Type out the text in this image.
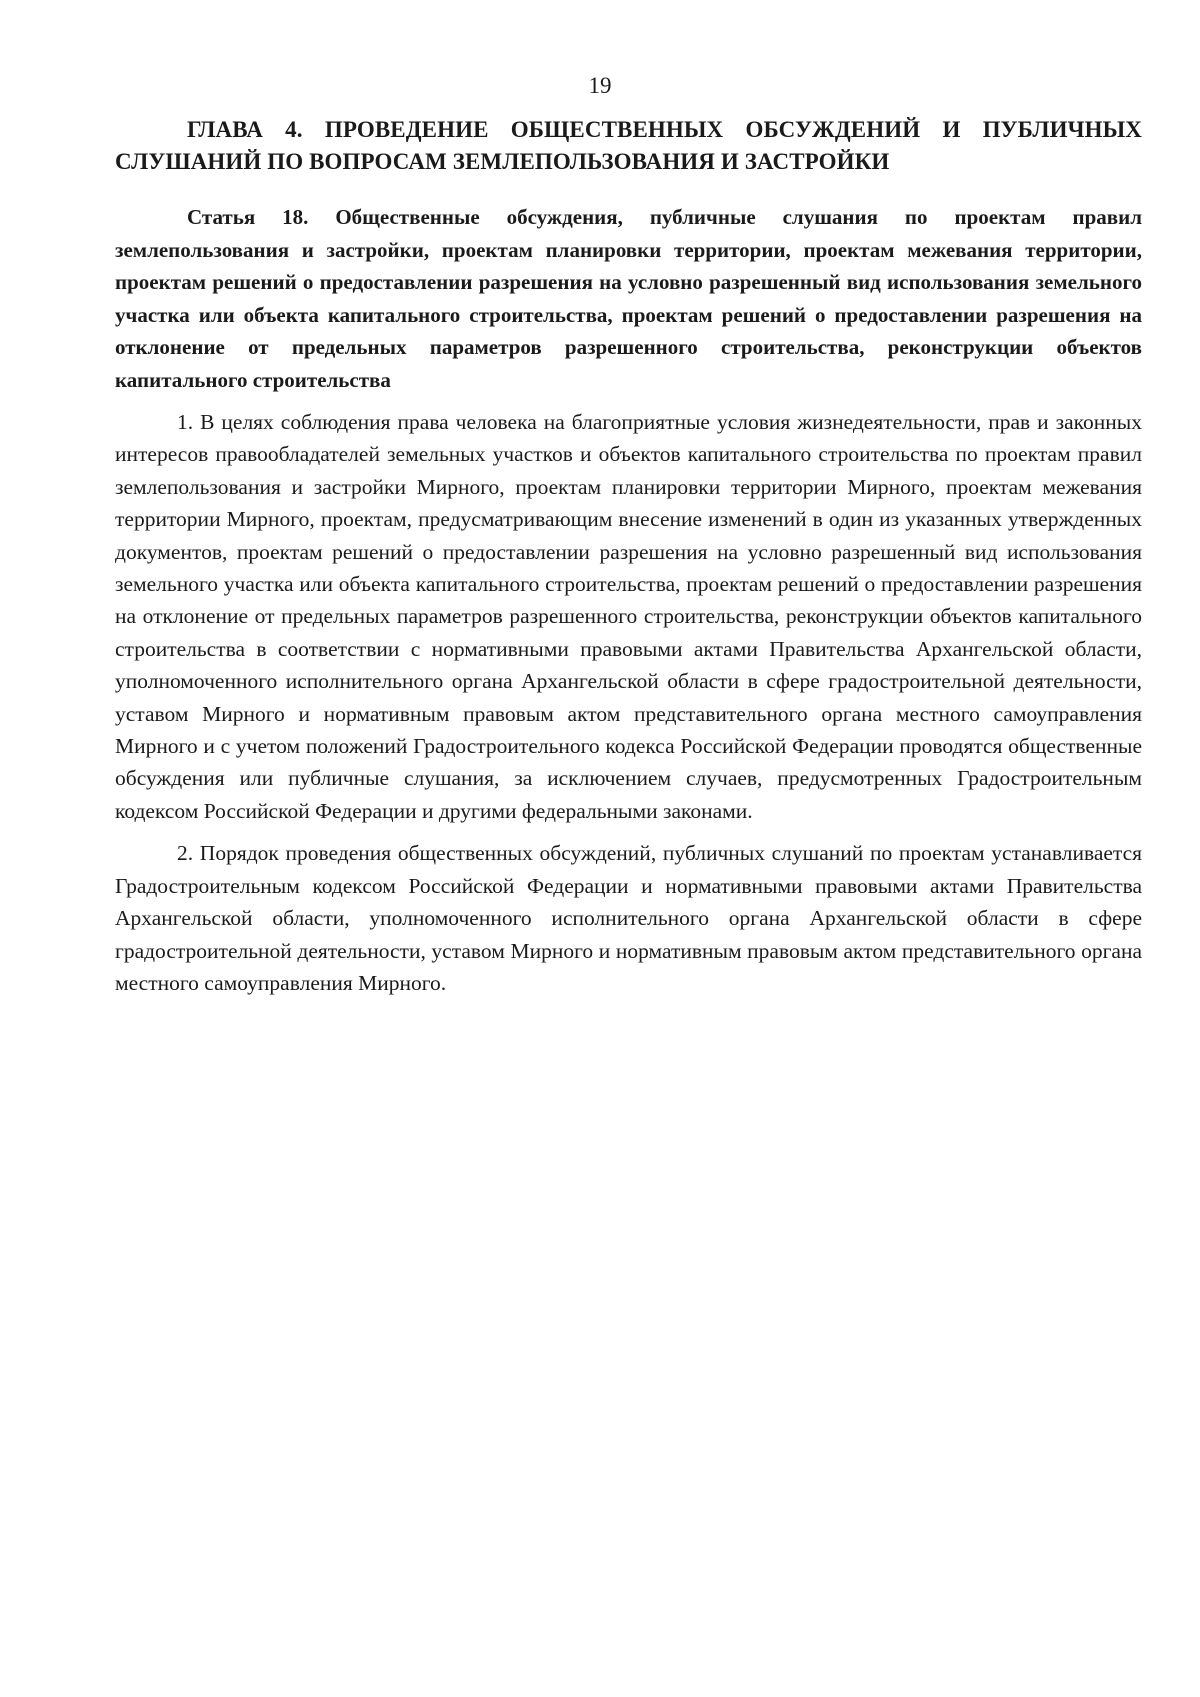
19
ГЛАВА 4. ПРОВЕДЕНИЕ ОБЩЕСТВЕННЫХ ОБСУЖДЕНИЙ И ПУБЛИЧНЫХ СЛУШАНИЙ ПО ВОПРОСАМ ЗЕМЛЕПОЛЬЗОВАНИЯ И ЗАСТРОЙКИ
Статья 18. Общественные обсуждения, публичные слушания по проектам правил землепользования и застройки, проектам планировки территории, проектам межевания территории, проектам решений о предоставлении разрешения на условно разрешенный вид использования земельного участка или объекта капитального строительства, проектам решений о предоставлении разрешения на отклонение от предельных параметров разрешенного строительства, реконструкции объектов капитального строительства

1. В целях соблюдения права человека на благоприятные условия жизнедеятельности, прав и законных интересов правообладателей земельных участков и объектов капитального строительства по проектам правил землепользования и застройки Мирного, проектам планировки территории Мирного, проектам межевания территории Мирного, проектам, предусматривающим внесение изменений в один из указанных утвержденных документов, проектам решений о предоставлении разрешения на условно разрешенный вид использования земельного участка или объекта капитального строительства, проектам решений о предоставлении разрешения на отклонение от предельных параметров разрешенного строительства, реконструкции объектов капитального строительства в соответствии с нормативными правовыми актами Правительства Архангельской области, уполномоченного исполнительного органа Архангельской области в сфере градостроительной деятельности, уставом Мирного и нормативным правовым актом представительного органа местного самоуправления Мирного и с учетом положений Градостроительного кодекса Российской Федерации проводятся общественные обсуждения или публичные слушания, за исключением случаев, предусмотренных Градостроительным кодексом Российской Федерации и другими федеральными законами.

2. Порядок проведения общественных обсуждений, публичных слушаний по проектам устанавливается Градостроительным кодексом Российской Федерации и нормативными правовыми актами Правительства Архангельской области, уполномоченного исполнительного органа Архангельской области в сфере градостроительной деятельности, уставом Мирного и нормативным правовым актом представительного органа местного самоуправления Мирного.
